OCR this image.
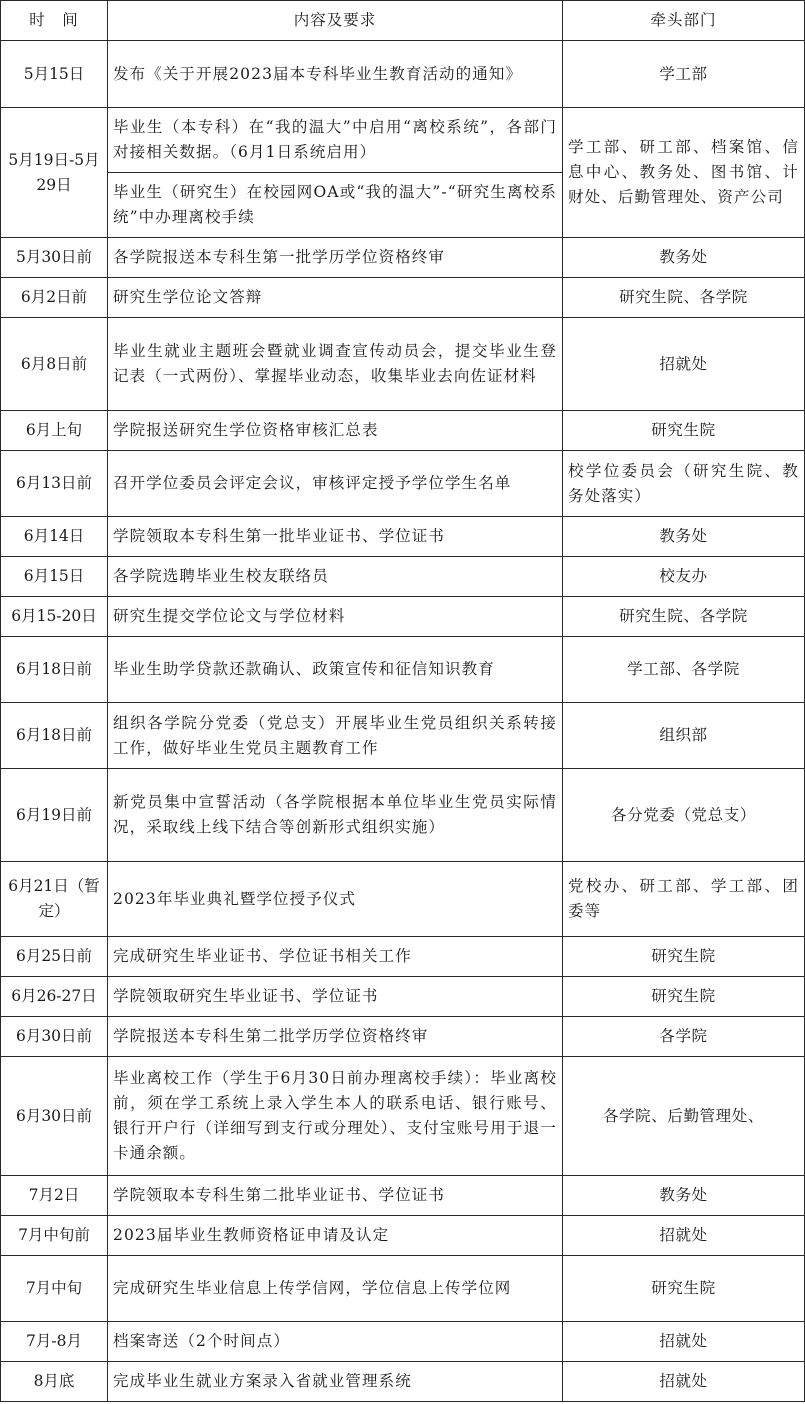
时　间	内容及要求	牵头部门
5月15日	发布《关于开展2023届本专科毕业生教育活动的通知》	学工部
5月19日-5月29日	毕业生（本专科）在“我的温大”中启用“离校系统”，各部门对接相关数据。（6月1日系统启用）	学工部、研工部、档案馆、信息中心、教务处、图书馆、计财处、后勤管理处、资产公司
	毕业生（研究生）在校园网OA或“我的温大”-“研究生离校系统”中办理离校手续	
5月30日前	各学院报送本专科生第一批学历学位资格终审	教务处
6月2日前	研究生学位论文答辩	研究生院、各学院
6月8日前	毕业生就业主题班会暨就业调查宣传动员会，提交毕业生登记表（一式两份）、掌握毕业动态，收集毕业去向佐证材料	招就处
6月上旬	学院报送研究生学位资格审核汇总表	研究生院
6月13日前	召开学位委员会评定会议，审核评定授予学位学生名单	校学位委员会（研究生院、教务处落实）
6月14日	学院领取本专科生第一批毕业证书、学位证书	教务处
6月15日	各学院选聘毕业生校友联络员	校友办
6月15-20日	研究生提交学位论文与学位材料	研究生院、各学院
6月18日前	毕业生助学贷款还款确认、政策宣传和征信知识教育	学工部、各学院
6月18日前	组织各学院分党委（党总支）开展毕业生党员组织关系转接工作，做好毕业生党员主题教育工作	组织部
6月19日前	新党员集中宣誓活动（各学院根据本单位毕业生党员实际情况，采取线上线下结合等创新形式组织实施）	各分党委（党总支）
6月21日（暂定）	2023年毕业典礼暨学位授予仪式	党校办、研工部、学工部、团委等
6月25日前	完成研究生毕业证书、学位证书相关工作	研究生院
6月26-27日	学院领取研究生毕业证书、学位证书	研究生院
6月30日前	学院报送本专科生第二批学历学位资格终审	各学院
6月30日前	毕业离校工作（学生于6月30日前办理离校手续）：毕业离校前，须在学工系统上录入学生本人的联系电话、银行账号、银行开户行（详细写到支行或分理处）、支付宝账号用于退一卡通余额。	各学院、后勤管理处、
7月2日	学院领取本专科生第二批毕业证书、学位证书	教务处
7月中旬前	2023届毕业生教师资格证申请及认定	招就处
7月中旬	完成研究生毕业信息上传学信网，学位信息上传学位网	研究生院
7月-8月	档案寄送（2个时间点）	招就处
8月底	完成毕业生就业方案录入省就业管理系统	招就处
